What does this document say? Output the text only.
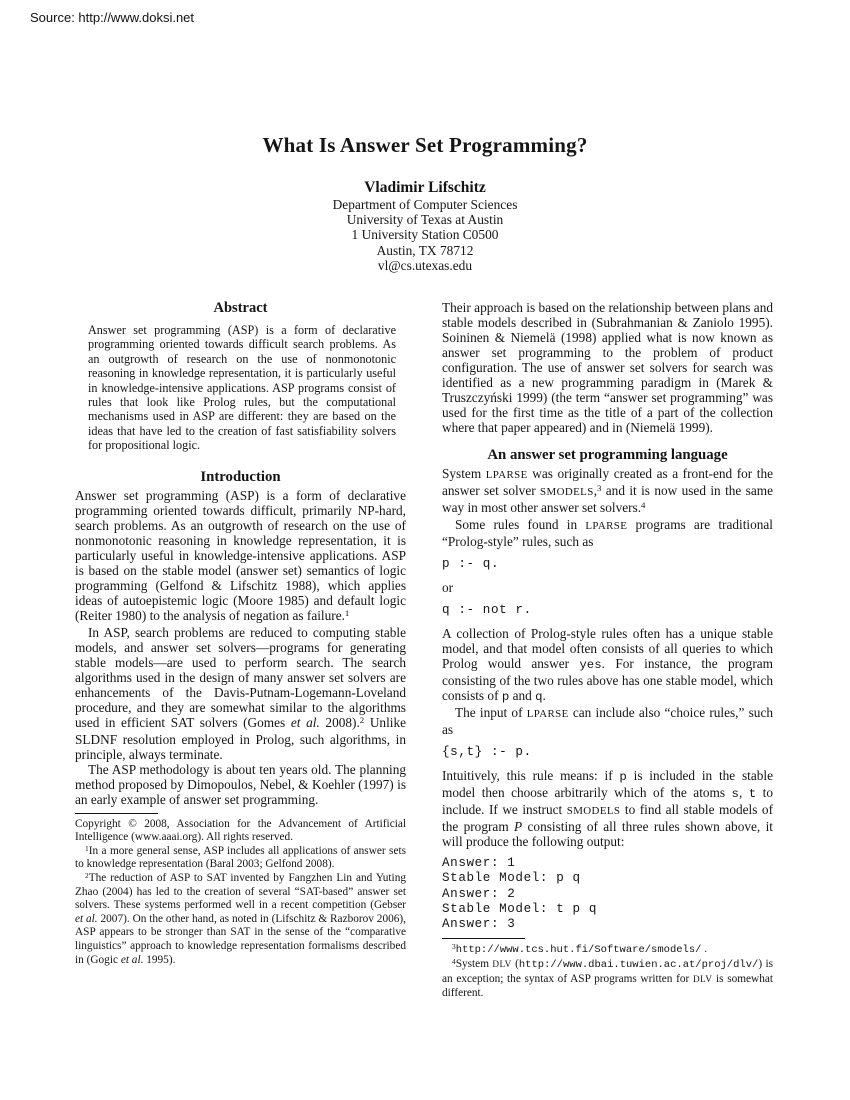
Source: http://www.doksi.net
What Is Answer Set Programming?
Vladimir Lifschitz
Department of Computer Sciences
University of Texas at Austin
1 University Station C0500
Austin, TX 78712
vl@cs.utexas.edu
Abstract
Answer set programming (ASP) is a form of declarative programming oriented towards difficult search problems. As an outgrowth of research on the use of nonmonotonic reasoning in knowledge representation, it is particularly useful in knowledge-intensive applications. ASP programs consist of rules that look like Prolog rules, but the computational mechanisms used in ASP are different: they are based on the ideas that have led to the creation of fast satisfiability solvers for propositional logic.
Introduction

Answer set programming (ASP) is a form of declarative programming oriented towards difficult, primarily NP-hard, search problems. As an outgrowth of research on the use of nonmonotonic reasoning in knowledge representation, it is particularly useful in knowledge-intensive applications. ASP is based on the stable model (answer set) semantics of logic programming (Gelfond & Lifschitz 1988), which applies ideas of autoepistemic logic (Moore 1985) and default logic (Reiter 1980) to the analysis of negation as failure.$^1$

In ASP, search problems are reduced to computing stable models, and answer set solvers—programs for generating stable models—are used to perform search. The search algorithms used in the design of many answer set solvers are enhancements of the Davis-Putnam-Logemann-Loveland procedure, and they are somewhat similar to the algorithms used in efficient SAT solvers (Gomes et al. 2008).$^2$ Unlike SLDNF resolution employed in Prolog, such algorithms, in principle, always terminate.

The ASP methodology is about ten years old. The planning method proposed by Dimopoulos, Nebel, & Koehler (1997) is an early example of answer set programming.

Copyright © 2008, Association for the Advancement of Artificial Intelligence (www.aaai.org). All rights reserved.

$^1$In a more general sense, ASP includes all applications of answer sets to knowledge representation (Baral 2003; Gelfond 2008).

$^2$The reduction of ASP to SAT invented by Fangzhen Lin and Yuting Zhao (2004) has led to the creation of several “SAT-based” answer set solvers. These systems performed well in a recent competition (Gebser et al. 2007). On the other hand, as noted in (Lifschitz & Razborov 2006), ASP appears to be stronger than SAT in the sense of the “comparative linguistics” approach to knowledge representation formalisms described in (Gogic et al. 1995).

Their approach is based on the relationship between plans and stable models described in (Subrahmanian & Zaniolo 1995). Soininen & Niemelä (1998) applied what is now known as answer set programming to the problem of product configuration. The use of answer set solvers for search was identified as a new programming paradigm in (Marek & Truszczyński 1999) (the term “answer set programming” was used for the first time as the title of a part of the collection where that paper appeared) and in (Niemelä 1999).

An answer set programming language

System LPARSE was originally created as a front-end for the answer set solver SMODELS,$^3$ and it is now used in the same way in most other answer set solvers.$^4$

Some rules found in LPARSE programs are traditional “Prolog-style” rules, such as

p :- q.

or

q :- not r.

A collection of Prolog-style rules often has a unique stable model, and that model often consists of all queries to which Prolog would answer yes. For instance, the program consisting of the two rules above has one stable model, which consists of p and q.

The input of LPARSE can include also “choice rules,” such as

{s,t} :- p.

Intuitively, this rule means: if p is included in the stable model then choose arbitrarily which of the atoms s, t to include. If we instruct SMODELS to find all stable models of the program P consisting of all three rules shown above, it will produce the following output:

Answer: 1
Stable Model: p q
Answer: 2
Stable Model: t p q
Answer: 3

$^3$http://www.tcs.hut.fi/Software/smodels/ .

$^4$System DLV (http://www.dbai.tuwien.ac.at/proj/dlv/) is an exception; the syntax of ASP programs written for DLV is somewhat different.
